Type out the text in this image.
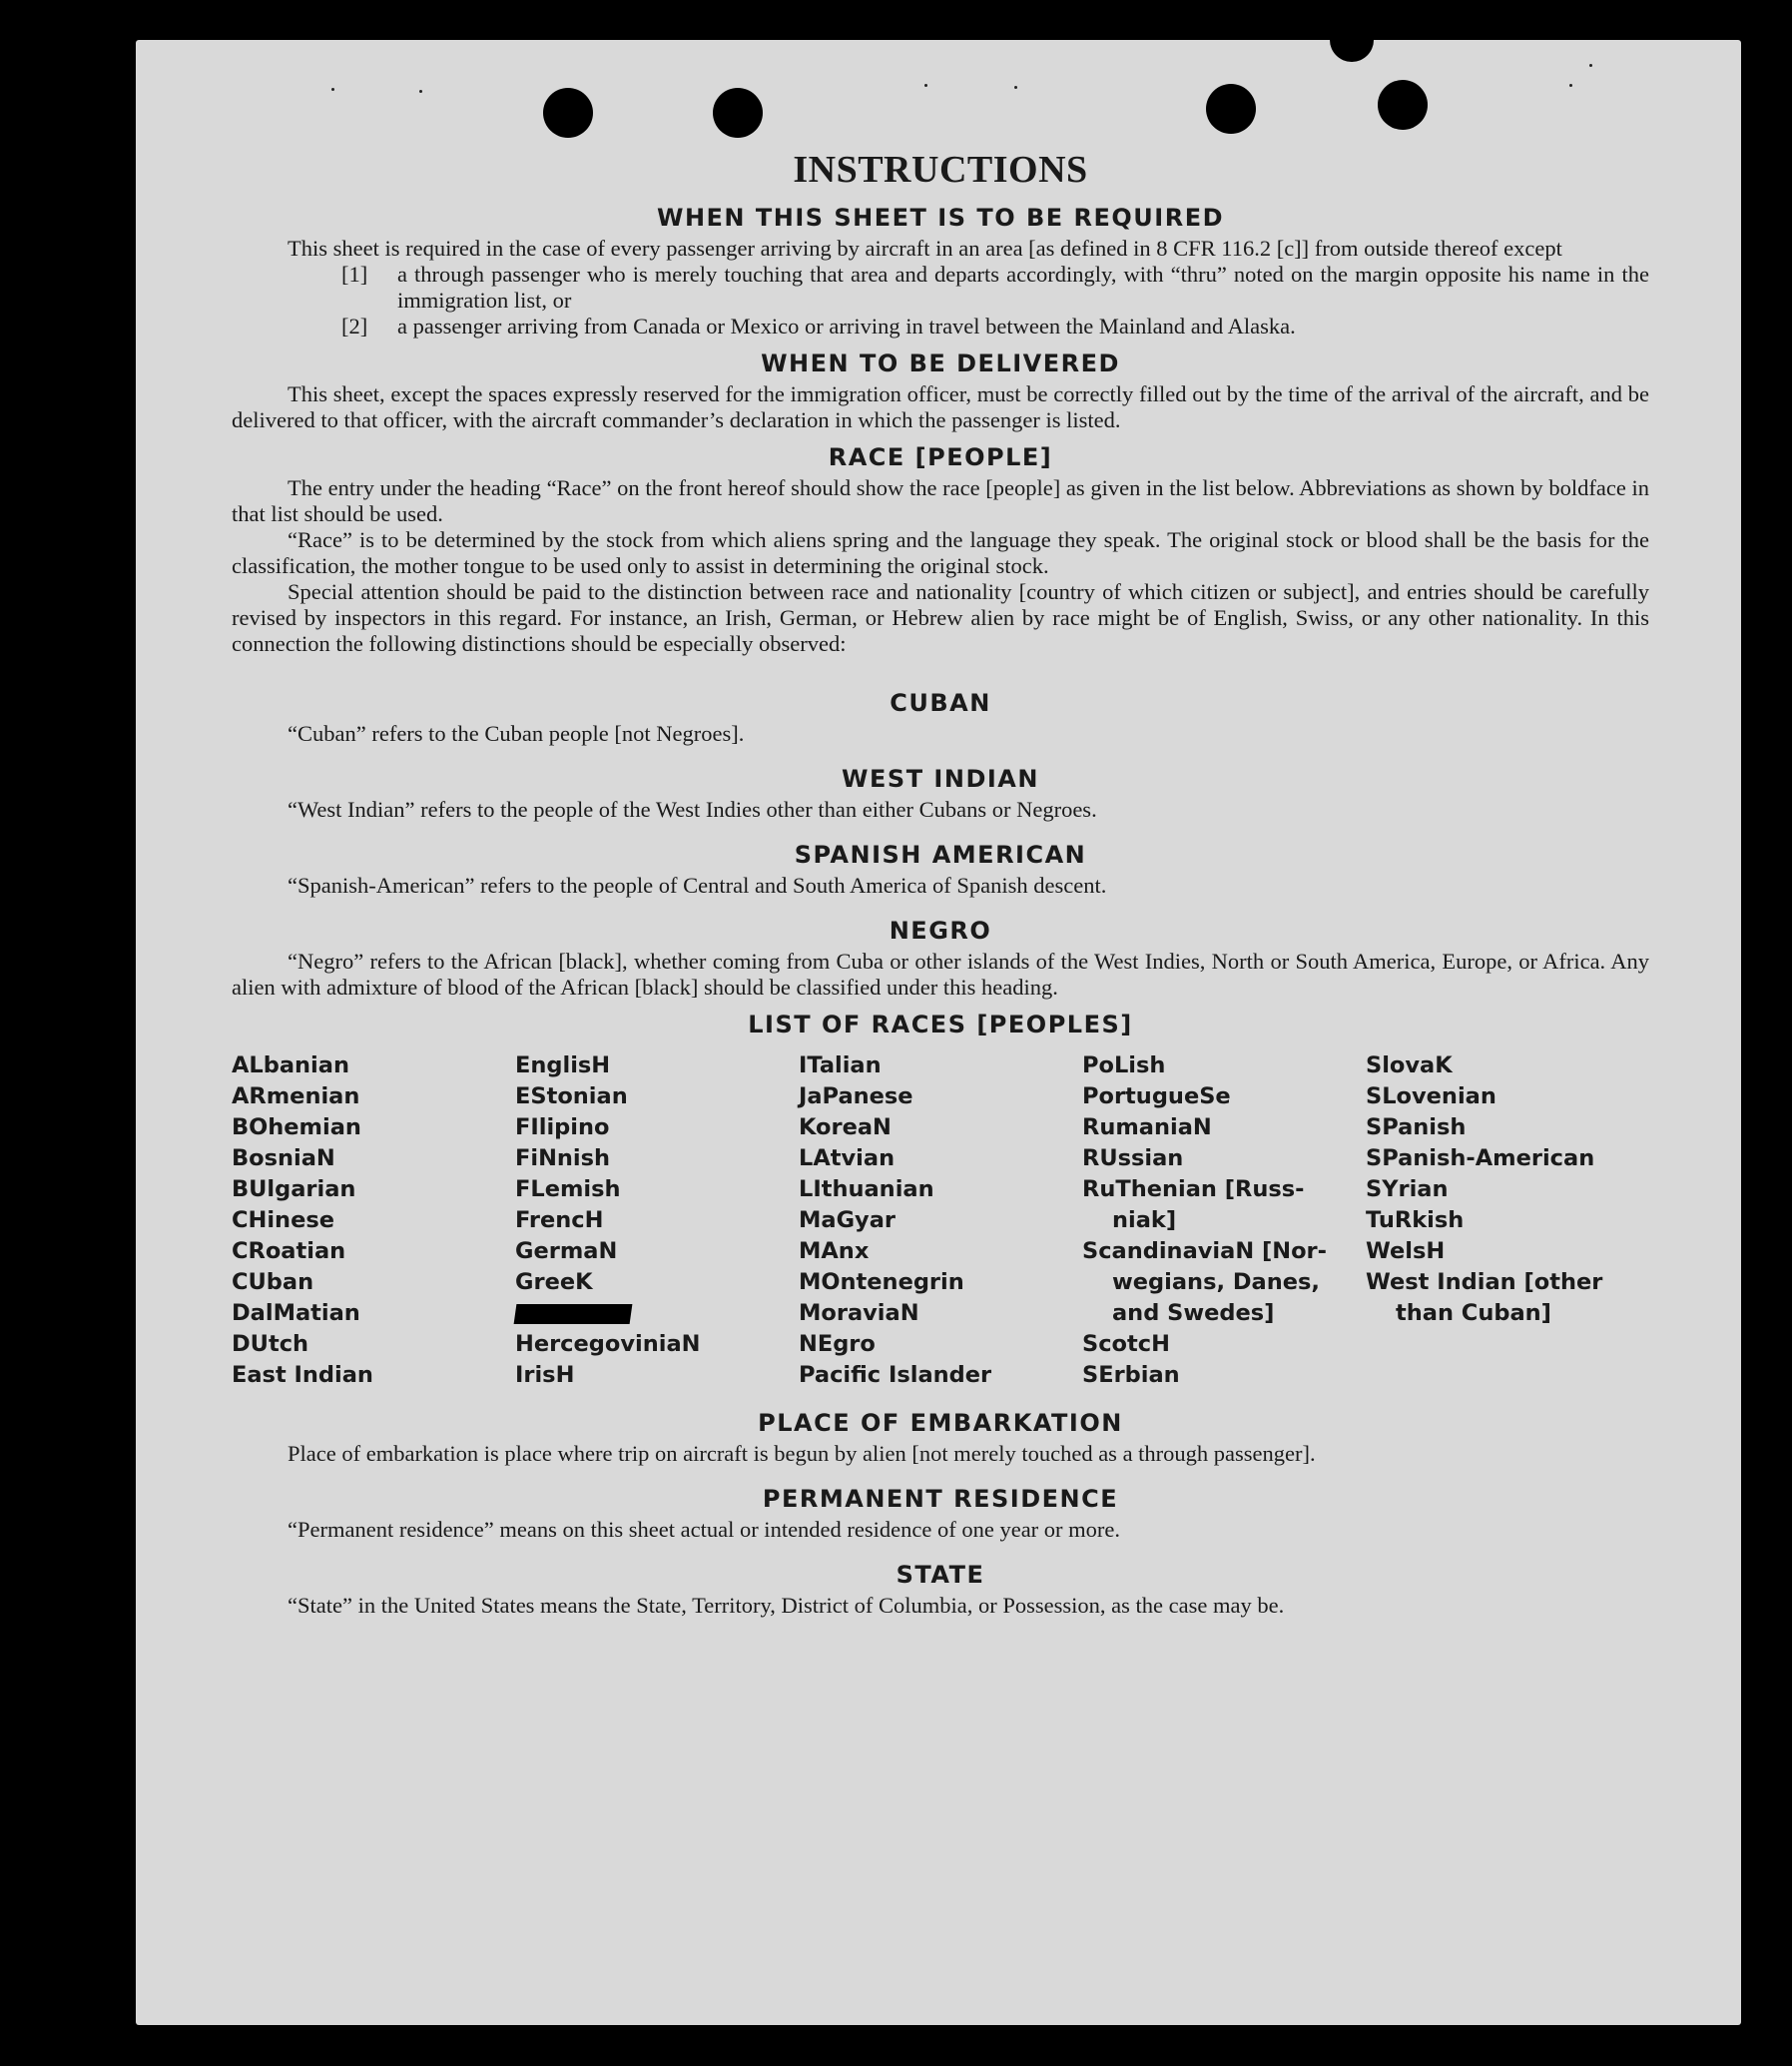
INSTRUCTIONS
WHEN THIS SHEET IS TO BE REQUIRED

This sheet is required in the case of every passenger arriving by aircraft in an area [as defined in 8 CFR 116.2 [c]] from outside thereof except

[1]	a through passenger who is merely touching that area and departs accordingly, with “thru” noted on the margin opposite his name in the immigration list, or
[2]	a passenger arriving from Canada or Mexico or arriving in travel between the Mainland and Alaska.
WHEN TO BE DELIVERED

This sheet, except the spaces expressly reserved for the immigration officer, must be correctly filled out by the time of the arrival of the aircraft, and be delivered to that officer, with the aircraft commander’s declaration in which the passenger is listed.

RACE [PEOPLE]

The entry under the heading “Race” on the front hereof should show the race [people] as given in the list below. Abbreviations as shown by boldface in that list should be used.

“Race” is to be determined by the stock from which aliens spring and the language they speak. The original stock or blood shall be the basis for the classification, the mother tongue to be used only to assist in determining the original stock.

Special attention should be paid to the distinction between race and nationality [country of which citizen or subject], and entries should be carefully revised by inspectors in this regard. For instance, an Irish, German, or Hebrew alien by race might be of English, Swiss, or any other nationality. In this connection the following distinctions should be especially observed:

CUBAN

“Cuban” refers to the Cuban people [not Negroes].

WEST INDIAN

“West Indian” refers to the people of the West Indies other than either Cubans or Negroes.

SPANISH AMERICAN

“Spanish-American” refers to the people of Central and South America of Spanish descent.

NEGRO

“Negro” refers to the African [black], whether coming from Cuba or other islands of the West Indies, North or South America, Europe, or Africa. Any alien with admixture of blood of the African [black] should be classified under this heading.

LIST OF RACES [PEOPLES]
ALbanian
ARmenian
BOhemian
BosniaN
BUlgarian
CHinese
CRoatian
CUban
DalMatian
DUtch
East Indian
EnglisH
EStonian
FIlipino
FiNnish
FLemish
FrencH
GermaN
GreeK
HercegoviniaN
IrisH
ITalian
JaPanese
KoreaN
LAtvian
LIthuanian
MaGyar
MAnx
MOntenegrin
MoraviaN
NEgro
Pacific Islander
PoLish
PortugueSe
RumaniaN
RUssian
RuThenian [Russ-
niak]
ScandinaviaN [Nor-
wegians, Danes,
and Swedes]
ScotcH
SErbian
SlovaK
SLovenian
SPanish
SPanish-American
SYrian
TuRkish
WelsH
West Indian [other
than Cuban]
PLACE OF EMBARKATION

Place of embarkation is place where trip on aircraft is begun by alien [not merely touched as a through passenger].

PERMANENT RESIDENCE

“Permanent residence” means on this sheet actual or intended residence of one year or more.

STATE

“State” in the United States means the State, Territory, District of Columbia, or Possession, as the case may be.
